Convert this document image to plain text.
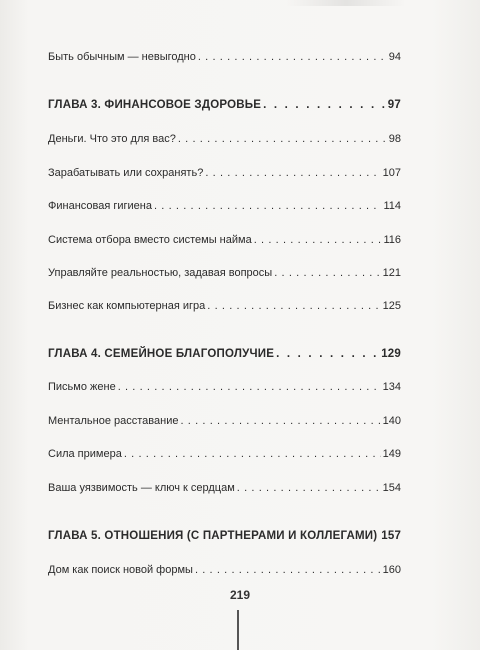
Быть обычным — невыгодно . . .	94
ГЛАВА 3. ФИНАНСОВОЕ ЗДОРОВЬЕ . . .	97
Деньги. Что это для вас? . . .	98
Зарабатывать или сохранять? . . .	107
Финансовая гигиена . . .	114
Система отбора вместо системы найма . . .	116
Управляйте реальностью, задавая вопросы . . .	121
Бизнес как компьютерная игра . . .	125
ГЛАВА 4. СЕМЕЙНОЕ БЛАГОПОЛУЧИЕ . . .	129
Письмо жене . . .	134
Ментальное расставание . . .	140
Сила примера . . .	149
Ваша уязвимость — ключ к сердцам . . .	154
ГЛАВА 5. ОТНОШЕНИЯ (С ПАРТНЕРАМИ И КОЛЛЕГАМИ) 157
Дом как поиск новой формы . . .	160
219
